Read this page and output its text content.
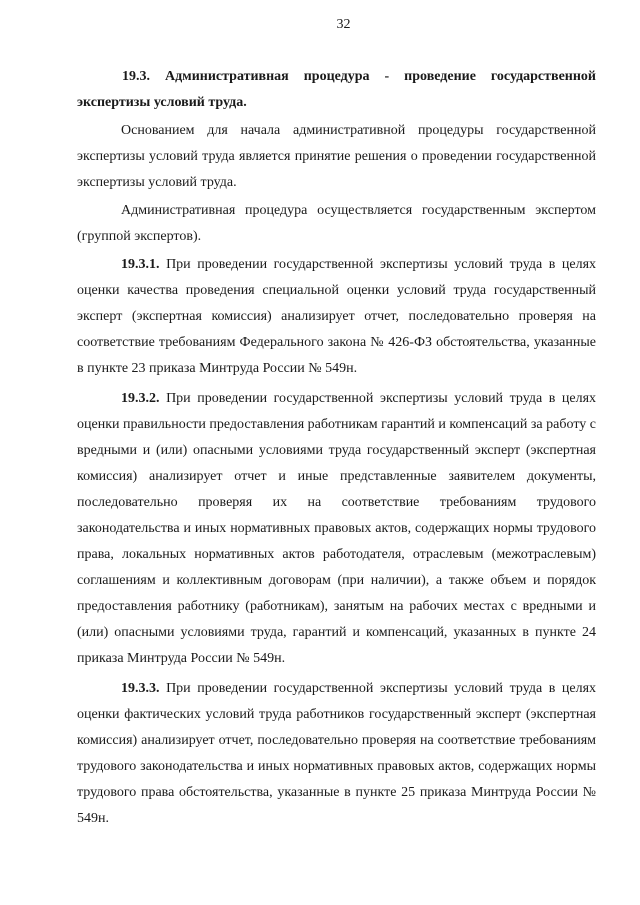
32

19.3. Административная процедура - проведение государственной экспертизы условий труда.

Основанием для начала административной процедуры государственной экспертизы условий труда является принятие решения о проведении государственной экспертизы условий труда.

Административная процедура осуществляется государственным экспертом (группой экспертов).

19.3.1. При проведении государственной экспертизы условий труда в целях оценки качества проведения специальной оценки условий труда государственный эксперт (экспертная комиссия) анализирует отчет, последовательно проверяя на соответствие требованиям Федерального закона № 426-ФЗ обстоятельства, указанные в пункте 23 приказа Минтруда России № 549н.

19.3.2. При проведении государственной экспертизы условий труда в целях оценки правильности предоставления работникам гарантий и компенсаций за работу с вредными и (или) опасными условиями труда государственный эксперт (экспертная комиссия) анализирует отчет и иные представленные заявителем документы, последовательно проверяя их на соответствие требованиям трудового законодательства и иных нормативных правовых актов, содержащих нормы трудового права, локальных нормативных актов работодателя, отраслевым (межотраслевым) соглашениям и коллективным договорам (при наличии), а также объем и порядок предоставления работнику (работникам), занятым на рабочих местах с вредными и (или) опасными условиями труда, гарантий и компенсаций, указанных в пункте 24 приказа Минтруда России № 549н.

19.3.3. При проведении государственной экспертизы условий труда в целях оценки фактических условий труда работников государственный эксперт (экспертная комиссия) анализирует отчет, последовательно проверяя на соответствие требованиям трудового законодательства и иных нормативных правовых актов, содержащих нормы трудового права обстоятельства, указанные в пункте 25 приказа Минтруда России № 549н.
